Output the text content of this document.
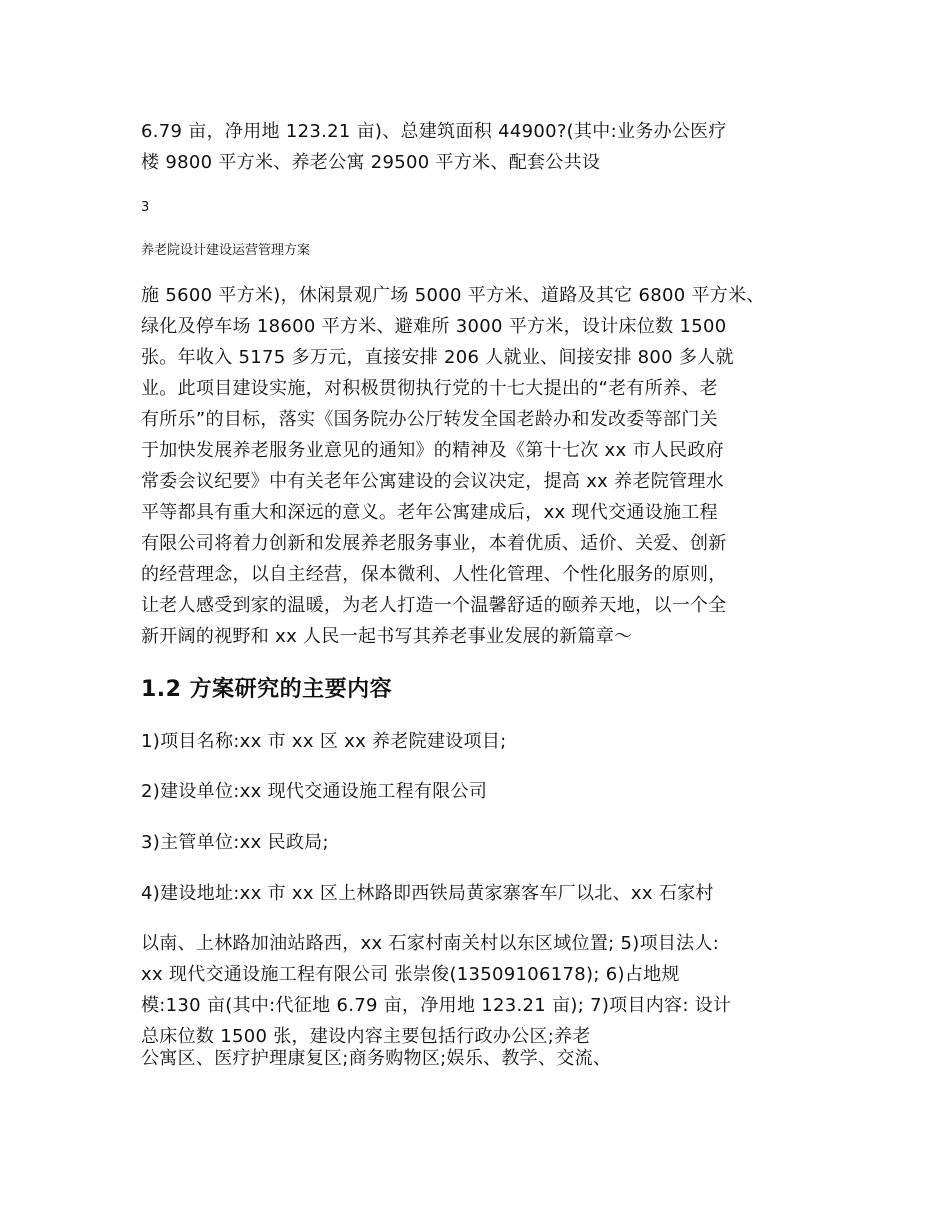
6.79 亩，净用地 123.21 亩)、总建筑面积 44900?(其中:业务办公医疗
楼 9800 平方米、养老公寓 29500 平方米、配套公共设

3

养老院设计建设运营管理方案

施 5600 平方米)，休闲景观广场 5000 平方米、道路及其它 6800 平方米、
绿化及停车场 18600 平方米、避难所 3000 平方米，设计床位数 1500
张。年收入 5175 多万元，直接安排 206 人就业、间接安排 800 多人就
业。此项目建设实施，对积极贯彻执行党的十七大提出的“老有所养、老
有所乐”的目标，落实《国务院办公厅转发全国老龄办和发改委等部门关
于加快发展养老服务业意见的通知》的精神及《第十七次 xx 市人民政府
常委会议纪要》中有关老年公寓建设的会议决定，提高 xx 养老院管理水
平等都具有重大和深远的意义。老年公寓建成后，xx 现代交通设施工程
有限公司将着力创新和发展养老服务事业，本着优质、适价、关爱、创新
的经营理念，以自主经营，保本微利、人性化管理、个性化服务的原则，
让老人感受到家的温暖，为老人打造一个温馨舒适的颐养天地，以一个全
新开阔的视野和 xx 人民一起书写其养老事业发展的新篇章～

1.2 方案研究的主要内容

1)项目名称:xx 市 xx 区 xx 养老院建设项目;

2)建设单位:xx 现代交通设施工程有限公司

3)主管单位:xx 民政局;

4)建设地址:xx 市 xx 区上林路即西铁局黄家寨客车厂以北、xx 石家村

以南、上林路加油站路西，xx 石家村南关村以东区域位置; 5)项目法人:
xx 现代交通设施工程有限公司 张崇俊(13509106178); 6)占地规
模:130 亩(其中:代征地 6.79 亩，净用地 123.21 亩); 7)项目内容: 设计
总床位数 1500 张，建设内容主要包括行政办公区;养老

公寓区、医疗护理康复区;商务购物区;娱乐、教学、交流、
